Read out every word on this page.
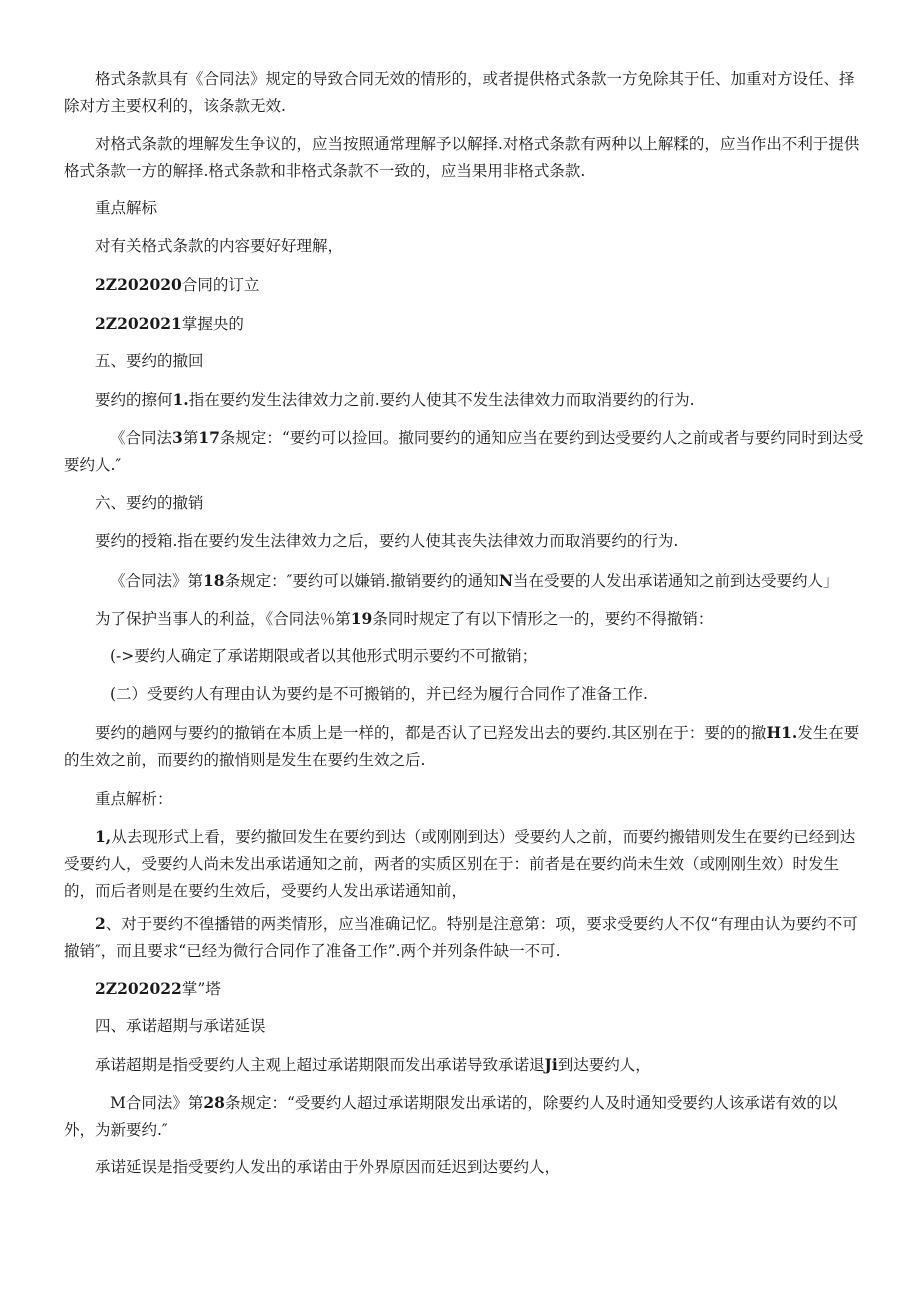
格式条款具有《合同法》规定的导致合同无效的情形的，或者提供格式条款一方免除其于任、加重对方设任、择除对方主要权利的，该条款无效.

对格式条款的埋解发生争议的，应当按照通常理解予以解择.对格式条款有两种以上解糅的，应当作出不利于提供格式条款一方的解择.格式条款和非格式条款不一致的，应当果用非格式条款.

重点解标

对有关格式条款的内容要好好理解，

2Z202020合同的订立

2Z202021掌握央的

五、要约的撤回

要约的擦何1.指在要约发生法律效力之前.要约人使其不发生法律效力而取消要约的行为.

《合同法3第17条规定：“要约可以捡回。撤同要约的通知应当在要约到达受要约人之前或者与要约同时到达受要约人.″

六、要约的撤销

要约的授箱.指在要约发生法律效力之后，要约人使其丧失法律效力而取消要约的行为.

《合同法》第18条规定：″要约可以嫌销.撤销要约的通知N当在受要的人发出承诺通知之前到达受要约人」

为了保护当事人的利益，《合同法％第19条同时规定了有以下情形之一的，要约不得撤销：

(->要约人确定了承诺期限或者以其他形式明示要约不可撤销；

(二）受要约人有理由认为要约是不可搬销的，并已经为履行合同作了准备工作.

要约的趟网与要约的撤销在本质上是一样的，都是否认了已羟发出去的要约.其区别在于：要的的撤H1.发生在要的生效之前，而要约的撤悄则是发生在要约生效之后.

重点解析：

1,从去现形式上看，要约撤回发生在要约到达（或刚刚到达）受要约人之前，而要约搬错则发生在要约已经到达受要约人，受要约人尚未发出承诺通知之前，两者的实质区别在于：前者是在要约尚未生效（或刚刚生效）时发生的，而后者则是在要约生效后，受要约人发出承诺通知前，

2、对于要约不徨播错的两类情形，应当准确记忆。特别是注意第：项，要求受要约人不仅“有理由认为要约不可撤销″，而且要求“已经为微行合同作了准备工作”.两个并列条件缺一不可.

2Z202022掌”塔

四、承诺超期与承诺延误

承诺超期是指受要约人主观上超过承诺期限而发出承诺导致承诺退Ji到达要约人，

M合同法》第28条规定：“受要约人超过承诺期限发出承诺的，除要约人及时通知受要约人该承诺有效的以外，为新要约.″

承诺延误是指受要约人发出的承诺由于外界原因而廷迟到达要约人，
